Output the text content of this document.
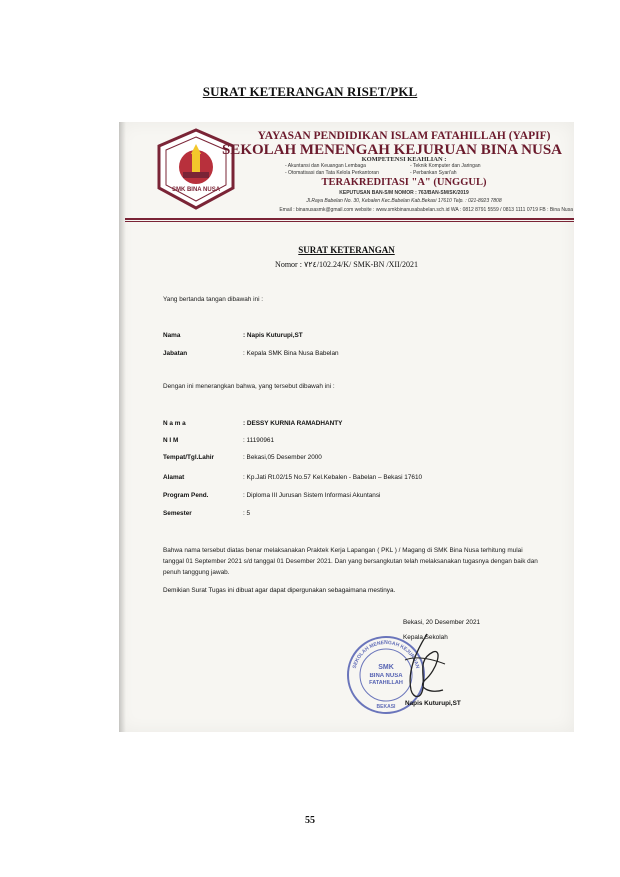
SURAT KETERANGAN RISET/PKL
SMK BINA NUSA
YAYASAN PENDIDIKAN ISLAM FATAHILLAH (YAPIF)
SEKOLAH MENENGAH KEJURUAN BINA NUSA
KOMPETENSI KEAHLIAN :
- Akuntansi dan Keuangan Lembaga
- Otomatisasi dan Tata Kelola Perkantoran
- Teknik Komputer dan Jaringan
- Perbankan Syari'ah
TERAKREDITASI "A" (UNGGUL)
KEPUTUSAN BAN-S/M NOMOR : 763/BAN-SM/SK/2019
Jl.Raya Babelan No. 30, Kebalen Kec.Babelan Kab.Bekasi 17610 Telp. : 021-8923 7808
Email : binanusasmk@gmail.com website : www.smkbinanusababelan.sch.id WA : 0812 8791 5559 / 0813 1111 0719 FB : Bina Nusa
SURAT KETERANGAN
Nomor : ٧٢٤/102.24/K/ SMK-BN /XII/2021
Yang bertanda tangan dibawah ini :
Nama	: Napis Kuturupi,ST
Jabatan	: Kepala SMK Bina Nusa Babelan
Dengan ini menerangkan bahwa, yang tersebut dibawah ini :
N a m a	: DESSY KURNIA RAMADHANTY
N I M	: 11190961
Tempat/Tgl.Lahir	: Bekasi,05 Desember 2000
Alamat	: Kp.Jati Rt.02/15 No.57 Kel.Kebalen - Babelan – Bekasi 17610
Program Pend.	: Diploma III Jurusan Sistem Informasi Akuntansi
Semester	: 5
Bahwa nama tersebut diatas benar melaksanakan Praktek Kerja Lapangan ( PKL ) / Magang di SMK Bina Nusa terhitung mulai tanggal 01 September 2021 s/d tanggal 01 Desember 2021. Dan yang bersangkutan telah melaksanakan tugasnya dengan baik dan penuh tanggung jawab.
Demikian Surat Tugas ini dibuat agar dapat dipergunakan sebagaimana mestinya.
Bekasi, 20 Desember 2021
Kepala Sekolah
SEKOLAH MENENGAH KEJURUAN
SMK
BINA NUSA
FATAHILLAH
BEKASI Napis Kuturupi,ST
55
